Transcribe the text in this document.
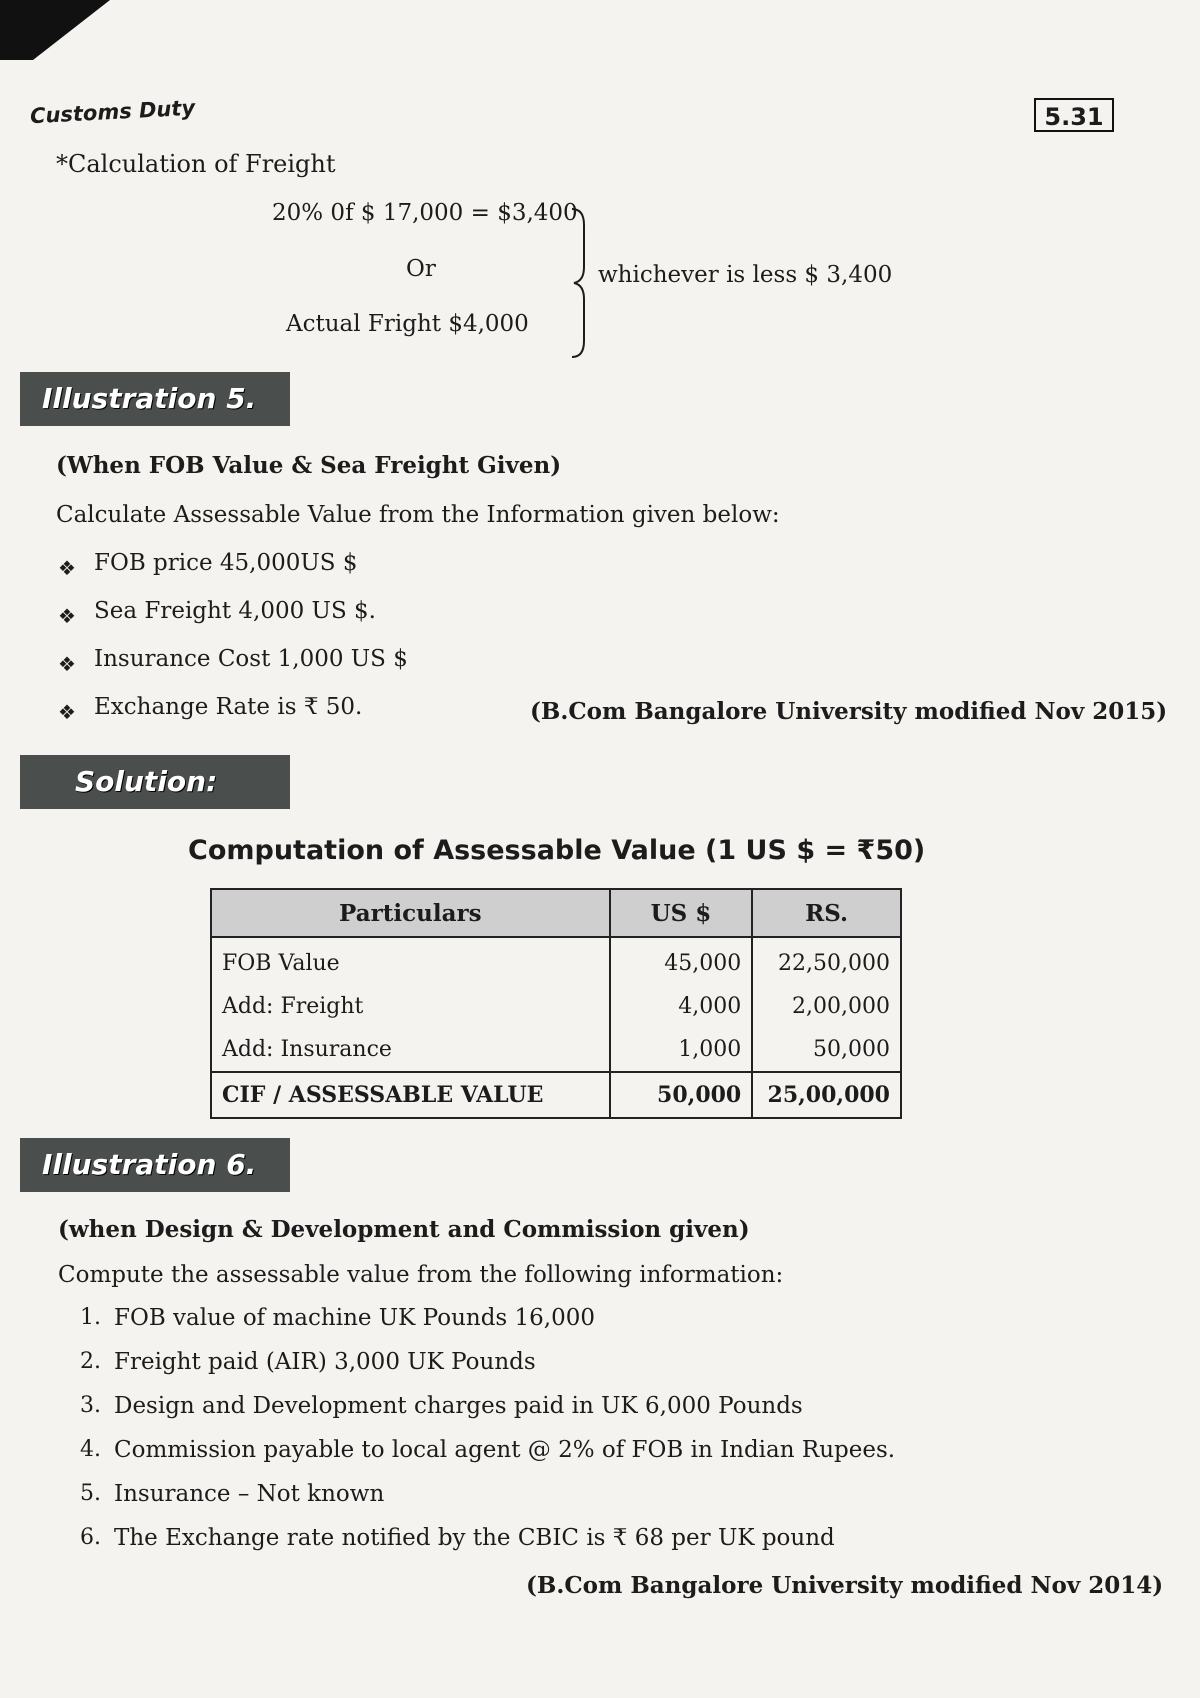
Customs Duty	5.31
*Calculation of Freight
20% 0f $ 17,000 = $3,400
Or
Actual Fright $4,000
whichever is less $ 3,400
Illustration 5.
(When FOB Value & Sea Freight Given)
Calculate Assessable Value from the Information given below:
❖ FOB price 45,000US $
❖ Sea Freight 4,000 US $.
❖ Insurance Cost 1,000 US $
❖ Exchange Rate is ₹ 50.	(B.Com Bangalore University modified Nov 2015)
Solution:
Computation of Assessable Value (1 US $ = ₹50)
Particulars	US $	RS.
FOB Value	45,000	22,50,000
Add: Freight	4,000	2,00,000
Add: Insurance	1,000	50,000
CIF / ASSESSABLE VALUE	50,000	25,00,000
Illustration 6.
(when Design & Development and Commission given)
Compute the assessable value from the following information:
1. FOB value of machine UK Pounds 16,000
2. Freight paid (AIR) 3,000 UK Pounds
3. Design and Development charges paid in UK 6,000 Pounds
4. Commission payable to local agent @ 2% of FOB in Indian Rupees.
5. Insurance – Not known
6. The Exchange rate notified by the CBIC is ₹ 68 per UK pound
(B.Com Bangalore University modified Nov 2014)
